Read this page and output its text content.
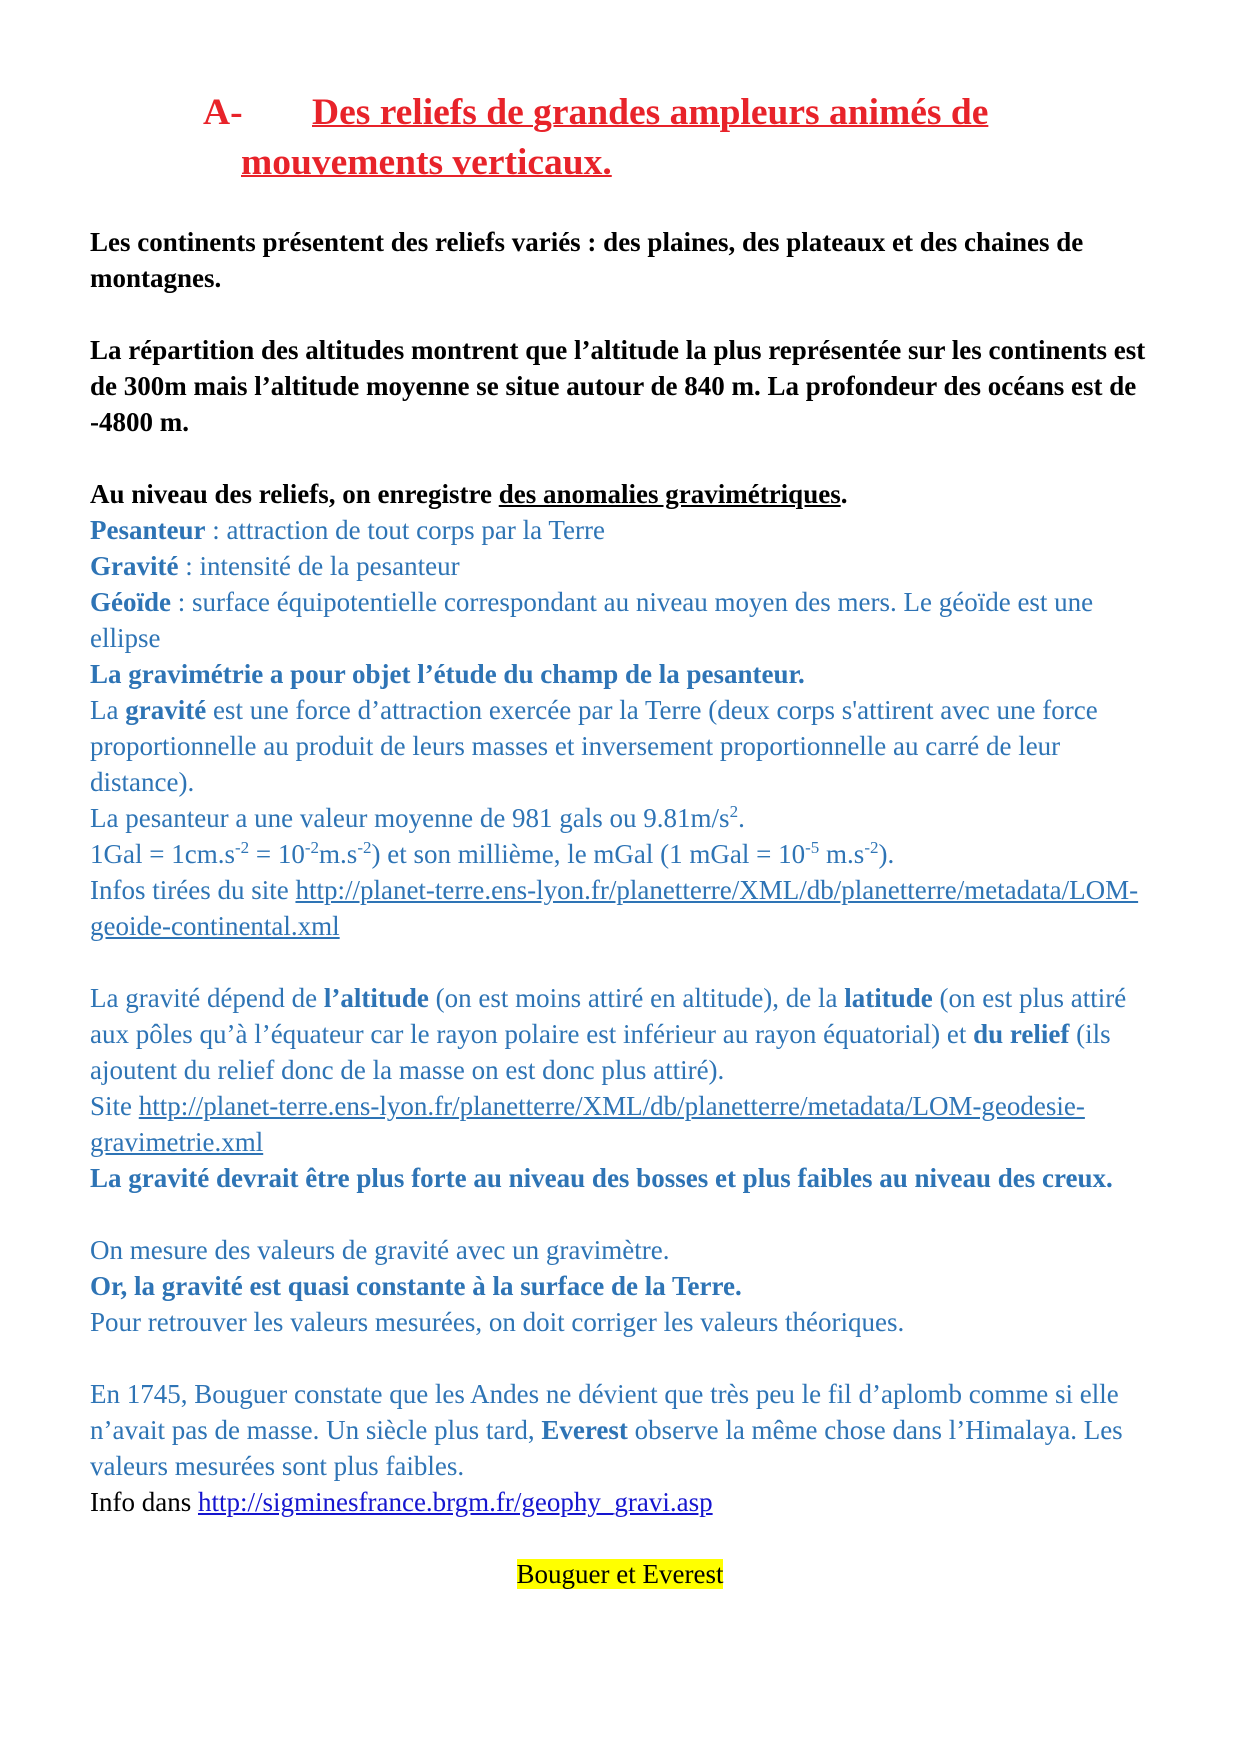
A- Des reliefs de grandes ampleurs animés de
mouvements verticaux.
Les continents présentent des reliefs variés : des plaines, des plateaux et des chaines de
montagnes.
La répartition des altitudes montrent que l’altitude la plus représentée sur les continents est
de 300m mais l’altitude moyenne se situe autour de 840 m. La profondeur des océans est de
-4800 m.
Au niveau des reliefs, on enregistre des anomalies gravimétriques.
Pesanteur : attraction de tout corps par la Terre
Gravité : intensité de la pesanteur
Géoïde : surface équipotentielle correspondant au niveau moyen des mers. Le géoïde est une
ellipse
La gravimétrie a pour objet l’étude du champ de la pesanteur.
La gravité est une force d’attraction exercée par la Terre (deux corps s'attirent avec une force
proportionnelle au produit de leurs masses et inversement proportionnelle au carré de leur
distance).
La pesanteur a une valeur moyenne de 981 gals ou $9.81m/s^2$.
$1Gal = 1cm.s^{-2} = 10^{-2}m.s^{-2}$) et son millième, le mGal (1 mGal = $10^{-5}$ $m.s^{-2}$).
Infos tirées du site http://planet-terre.ens-lyon.fr/planetterre/XML/db/planetterre/metadata/LOM-
geoide-continental.xml
La gravité dépend de l’altitude (on est moins attiré en altitude), de la latitude (on est plus attiré
aux pôles qu’à l’équateur car le rayon polaire est inférieur au rayon équatorial) et du relief (ils
ajoutent du relief donc de la masse on est donc plus attiré).
Site http://planet-terre.ens-lyon.fr/planetterre/XML/db/planetterre/metadata/LOM-geodesie-
gravimetrie.xml
La gravité devrait être plus forte au niveau des bosses et plus faibles au niveau des creux.
On mesure des valeurs de gravité avec un gravimètre.
Or, la gravité est quasi constante à la surface de la Terre.
Pour retrouver les valeurs mesurées, on doit corriger les valeurs théoriques.
En 1745, Bouguer constate que les Andes ne dévient que très peu le fil d’aplomb comme si elle
n’avait pas de masse. Un siècle plus tard, Everest observe la même chose dans l’Himalaya. Les
valeurs mesurées sont plus faibles.
Info dans http://sigminesfrance.brgm.fr/geophy_gravi.asp
Bouguer et Everest
